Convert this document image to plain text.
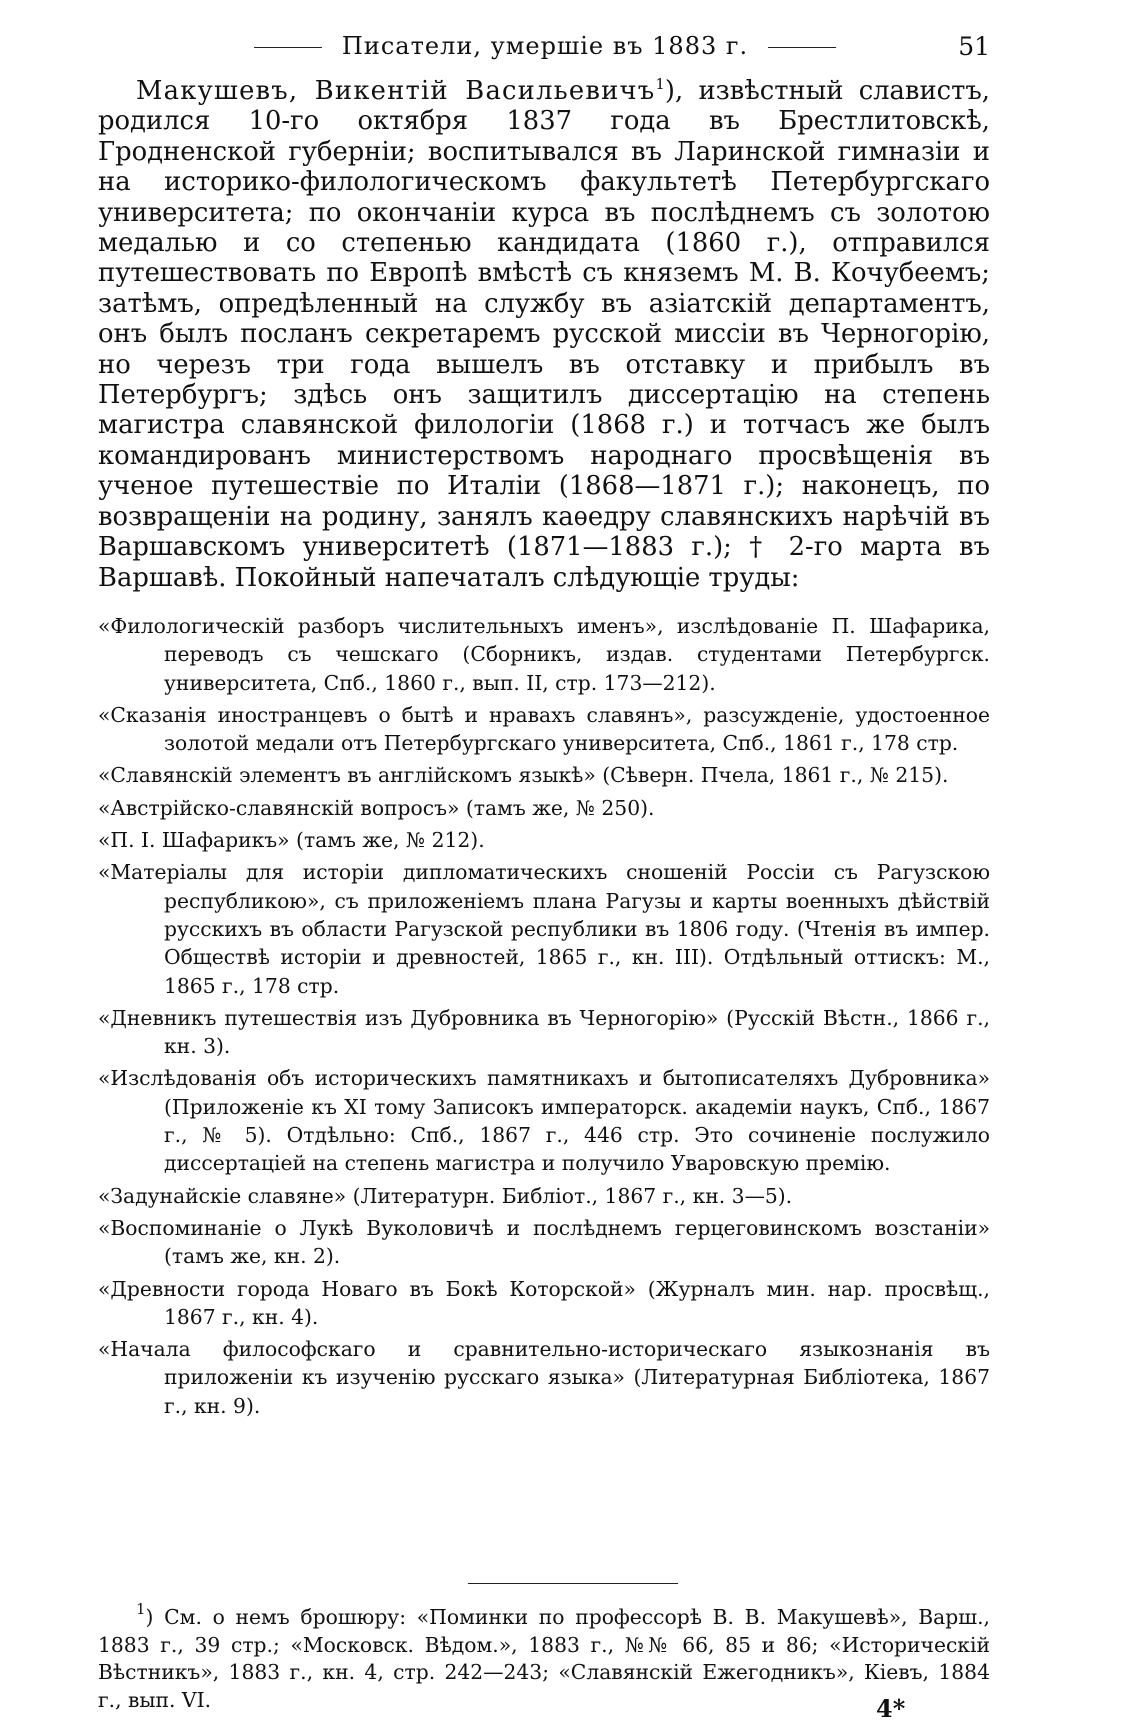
Писатели, умершіе въ 1883 г.	51

Макушевъ, Викентій Васильевичъ$^1$), извѣстный славистъ, родился 10-го октября 1837 года въ Брестлитовскѣ, Гродненской губерніи; воспитывался въ Ларинской гимназіи и на историко-филологическомъ факультетѣ Петербургскаго университета; по окончаніи курса въ послѣднемъ съ золотою медалью и со степенью кандидата (1860 г.), отправился путешествовать по Европѣ вмѣстѣ съ княземъ М. В. Кочубеемъ; затѣмъ, опредѣленный на службу въ азіатскій департаментъ, онъ былъ посланъ секретаремъ русской миссіи въ Черногорію, но черезъ три года вышелъ въ отставку и прибылъ въ Петербургъ; здѣсь онъ защитилъ диссертацію на степень магистра славянской филологіи (1868 г.) и тотчасъ же былъ командированъ министерствомъ народнаго просвѣщенія въ ученое путешествіе по Италіи (1868—1871 г.); наконецъ, по возвращеніи на родину, занялъ каѳедру славянскихъ нарѣчій въ Варшавскомъ университетѣ (1871—1883 г.); † 2-го марта въ Варшавѣ. Покойный напечаталъ слѣдующіе труды:

«Филологическій разборъ числительныхъ именъ», изслѣдованіе П. Шафарика, переводъ съ чешскаго (Сборникъ, издав. студентами Петербургск. университета, Спб., 1860 г., вып. II, стр. 173—212).
«Сказанія иностранцевъ о бытѣ и нравахъ славянъ», разсужденіе, удостоенное золотой медали отъ Петербургскаго университета, Спб., 1861 г., 178 стр.
«Славянскій элементъ въ англійскомъ языкѣ» (Сѣверн. Пчела, 1861 г., № 215).
«Австрійско-славянскій вопросъ» (тамъ же, № 250).
«П. I. Шафарикъ» (тамъ же, № 212).
«Матеріалы для исторіи дипломатическихъ сношеній Россіи съ Рагузскою республикою», съ приложеніемъ плана Рагузы и карты военныхъ дѣйствій русскихъ въ области Рагузской республики въ 1806 году. (Чтенія въ импер. Обществѣ исторіи и древностей, 1865 г., кн. III). Отдѣльный оттискъ: М., 1865 г., 178 стр.
«Дневникъ путешествія изъ Дубровника въ Черногорію» (Русскій Вѣстн., 1866 г., кн. 3).
«Изслѣдованія объ историческихъ памятникахъ и бытописателяхъ Дубровника» (Приложеніе къ XI тому Записокъ императорск. академіи наукъ, Спб., 1867 г., № 5). Отдѣльно: Спб., 1867 г., 446 стр. Это сочиненіе послужило диссертаціей на степень магистра и получило Уваровскую премію.
«Задунайскіе славяне» (Литературн. Библіот., 1867 г., кн. 3—5).
«Воспоминаніе о Лукѣ Вуколовичѣ и послѣднемъ герцеговинскомъ возстаніи» (тамъ же, кн. 2).
«Древности города Новаго въ Бокѣ Которской» (Журналъ мин. нар. просвѣщ., 1867 г., кн. 4).
«Начала философскаго и сравнительно-историческаго языкознанія въ приложеніи къ изученію русскаго языка» (Литературная Библіотека, 1867 г., кн. 9).

$^1$) См. о немъ брошюру: «Поминки по профессорѣ В. В. Макушевѣ», Варш., 1883 г., 39 стр.; «Московск. Вѣдом.», 1883 г., №№ 66, 85 и 86; «Историческій Вѣстникъ», 1883 г., кн. 4, стр. 242—243; «Славянскій Ежегодникъ», Кіевъ, 1884 г., вып. VI.	4*
